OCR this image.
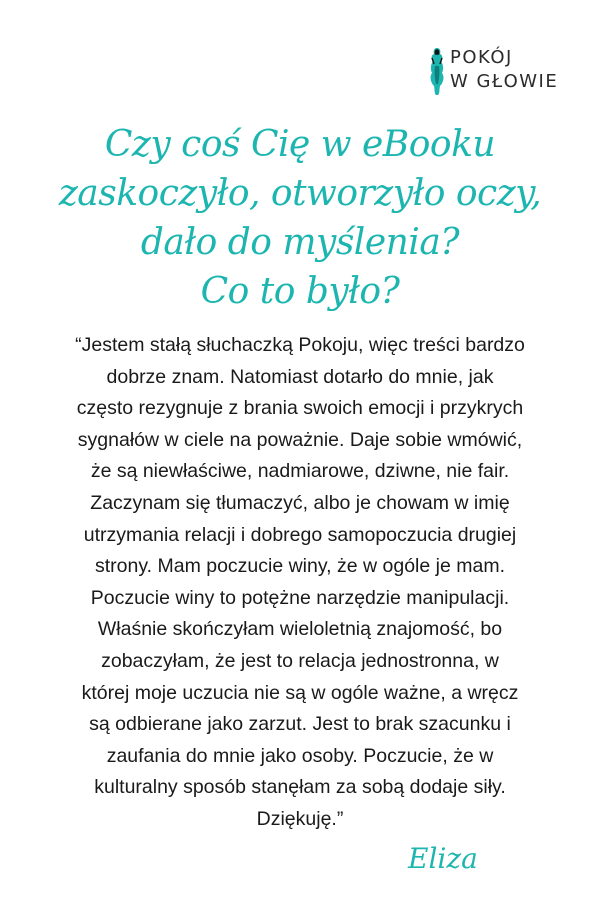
POKÓJ
W GŁOWIE
Czy coś Cię w eBooku
zaskoczyło, otworzyło oczy,
dało do myślenia?
Co to było?
“Jestem stałą słuchaczką Pokoju, więc treści bardzo
dobrze znam. Natomiast dotarło do mnie, jak
często rezygnuje z brania swoich emocji i przykrych
sygnałów w ciele na poważnie. Daje sobie wmówić,
że są niewłaściwe, nadmiarowe, dziwne, nie fair.
Zaczynam się tłumaczyć, albo je chowam w imię
utrzymania relacji i dobrego samopoczucia drugiej
strony. Mam poczucie winy, że w ogóle je mam.
Poczucie winy to potężne narzędzie manipulacji.
Właśnie skończyłam wieloletnią znajomość, bo
zobaczyłam, że jest to relacja jednostronna, w
której moje uczucia nie są w ogóle ważne, a wręcz
są odbierane jako zarzut. Jest to brak szacunku i
zaufania do mnie jako osoby. Poczucie, że w
kulturalny sposób stanęłam za sobą dodaje siły.
Dziękuję.”
Eliza
